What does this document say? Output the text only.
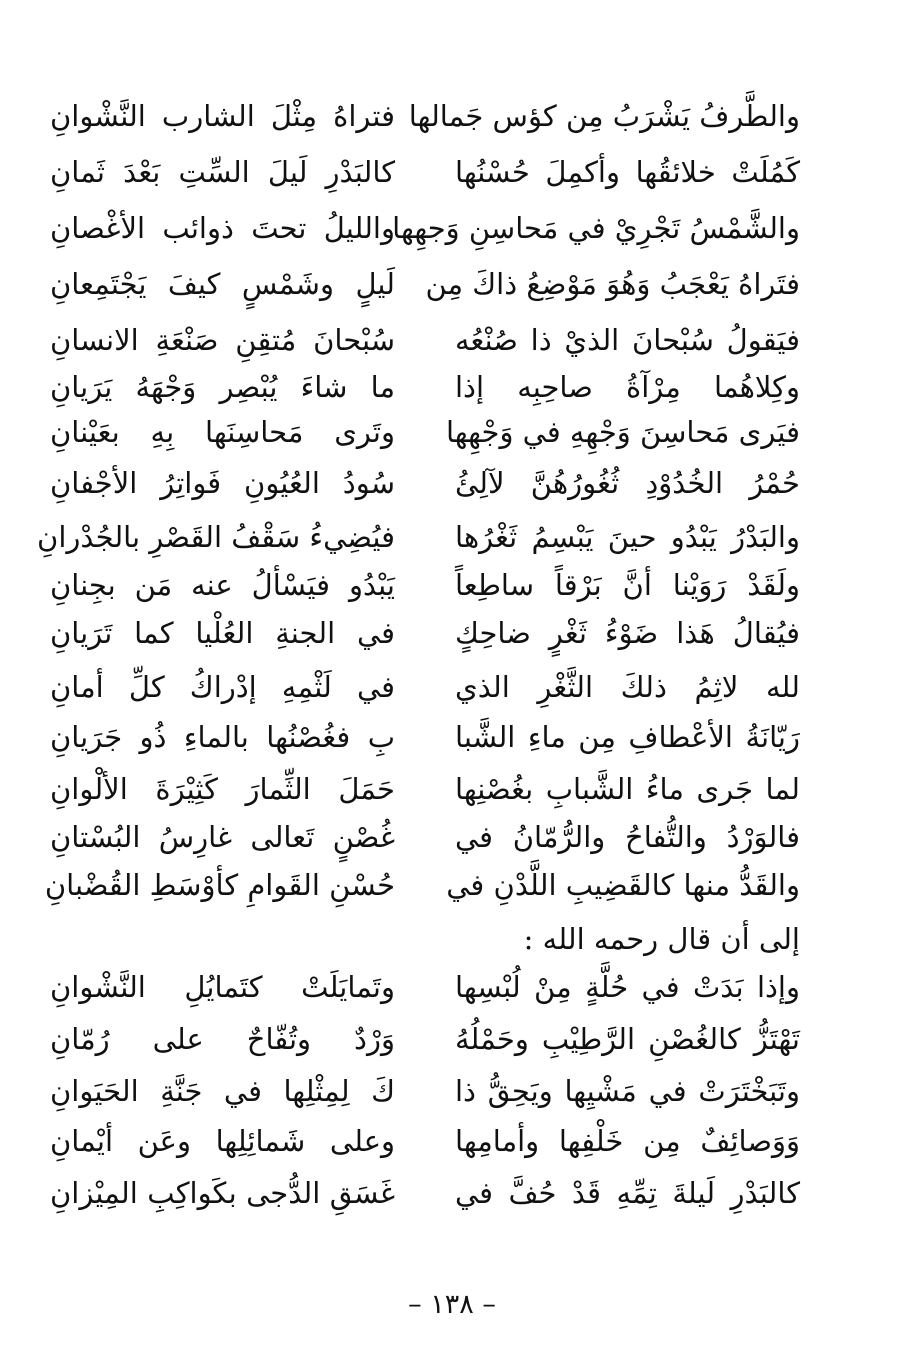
والطَّرفُ يَشْرَبُ مِن كؤس جَمالها
فتراهُ مِثْلَ الشارب النَّشْوانِ
كَمُلَتْ خلائقُها وأكمِلَ حُسْنُها
كالبَدْرِ لَيلَ السِّتِ بَعْدَ ثَمانِ
والشَّمْسُ تَجْرِيْ في مَحاسِنِ وَجهِها
والليلُ تحتَ ذوائب الأغْصانِ
فتَراهُ يَعْجَبُ وَهُوَ مَوْضِعُ ذاكَ مِن
لَيلٍ وشَمْسٍ كيفَ يَجْتَمِعانِ
فيَقولُ سُبْحانَ الذيْ ذا صُنْعُه
سُبْحانَ مُتقِنِ صَنْعَةِ الانسانِ
وكِلاهُما مِرْآةُ صاحِبِه إذا
ما شاءَ يُبْصِر وَجْهَهُ يَرَيانِ
فيَرى مَحاسِنَ وَجْهِهِ في وَجْهِها
وتَرى مَحاسِنَها بِهِ بعَيْنانِ
حُمْرُ الخُدُوْدِ ثُغُورُهُنَّ لآلِئُ
سُودُ العُيُونِ فَواتِرُ الأجْفانِ
والبَدْرُ يَبْدُو حينَ يَبْسِمُ ثَغْرُها
فيُضِيءُ سَقْفُ القَصْرِ بالجُدْرانِ
ولَقَدْ رَوَيْنا أنَّ بَرْقاً ساطِعاً
يَبْدُو فيَسْألُ عنه مَن بجِنانِ
فيُقالُ هَذا ضَوْءُ ثَغْرٍ ضاحِكٍ
في الجنةِ العُلْيا كما تَرَيانِ
لله لاثِمُ ذلكَ الثَّغْرِ الذي
في لَثْمِهِ إدْراكُ كلِّ أمانِ
رَيّانَةُ الأعْطافِ مِن ماءِ الشَّبا
بِ فغُصْنُها بالماءِ ذُو جَرَيانِ
لما جَرى ماءُ الشَّبابِ بغُصْنِها
حَمَلَ الثِّمارَ كَثِيْرَةَ الألْوانِ
فالوَرْدُ والتُّفاحُ والرُّمّانُ في
غُصْنٍ تَعالى غارِسُ البُسْتانِ
والقَدُّ منها كالقَضِيبِ اللَّدْنِ في
حُسْنِ القَوامِ كأوْسَطِ القُضْبانِ
إلى أن قال رحمه الله :
وإذا بَدَتْ في حُلَّةٍ مِنْ لُبْسِها
وتَمايَلَتْ كتَمايُلِ النَّشْوانِ
تَهْتَزُّ كالغُصْنِ الرَّطِيْبِ وحَمْلُهُ
وَرْدٌ وتُفّاحٌ على رُمّانِ
وتَبَخْتَرَتْ في مَشْيِها ويَحِقُّ ذا
كَ لِمِثْلِها في جَنَّةِ الحَيَوانِ
وَوَصائِفٌ مِن خَلْفِها وأمامِها
وعلى شَمائِلِها وعَن أيْمانِ
كالبَدْرِ لَيلةَ تِمِّهِ قَدْ حُفَّ في
غَسَقِ الدُّجى بكَواكِبِ المِيْزانِ
– ١٣٨ –
